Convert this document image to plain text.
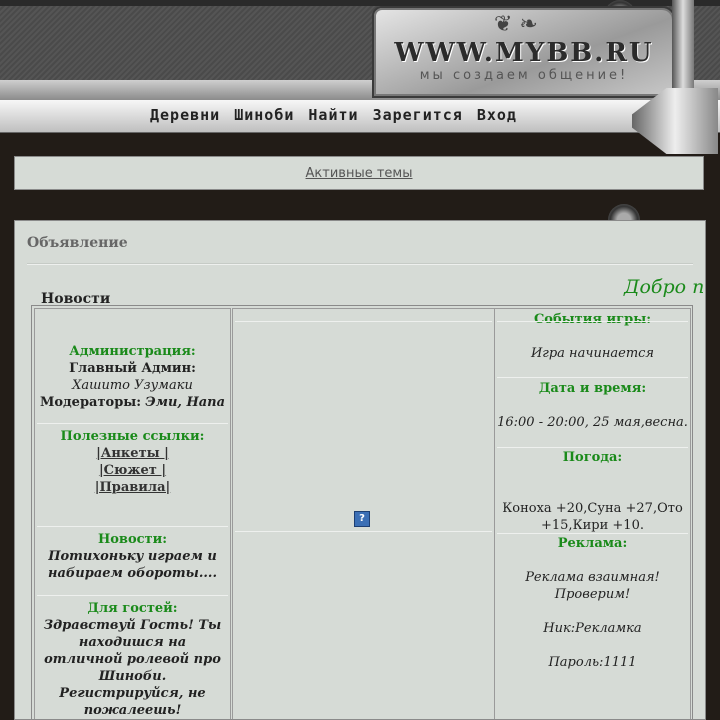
❦ ❧
WWW.MYBB.RU
мы создаем общение!
Деревни Шиноби Найти Зарегится Вход
Активные темы
Объявление
Добро п
Новости
Администрация:
Главный Админ:
Хашито Узумаки
Модераторы: Эми, Напа
Полезные ссылки:
|Анкеты |
|Сюжет |
|Правила|
Новости:
Потихоньку играем и набираем обороты....
Для гостей:
Здравствуй Гость! Ты находишся на отличной ролевой про Шиноби. Регистрируйся, не пожалеешь!
?
События игры:
Игра начинается
Дата и время:
16:00 - 20:00, 25 мая,весна.
Погода:
Коноха +20,Суна +27,Ото +15,Кири +10.
Реклама:
Реклама взаимная!
Проверим!
Ник:Рекламка
Пароль:1111
